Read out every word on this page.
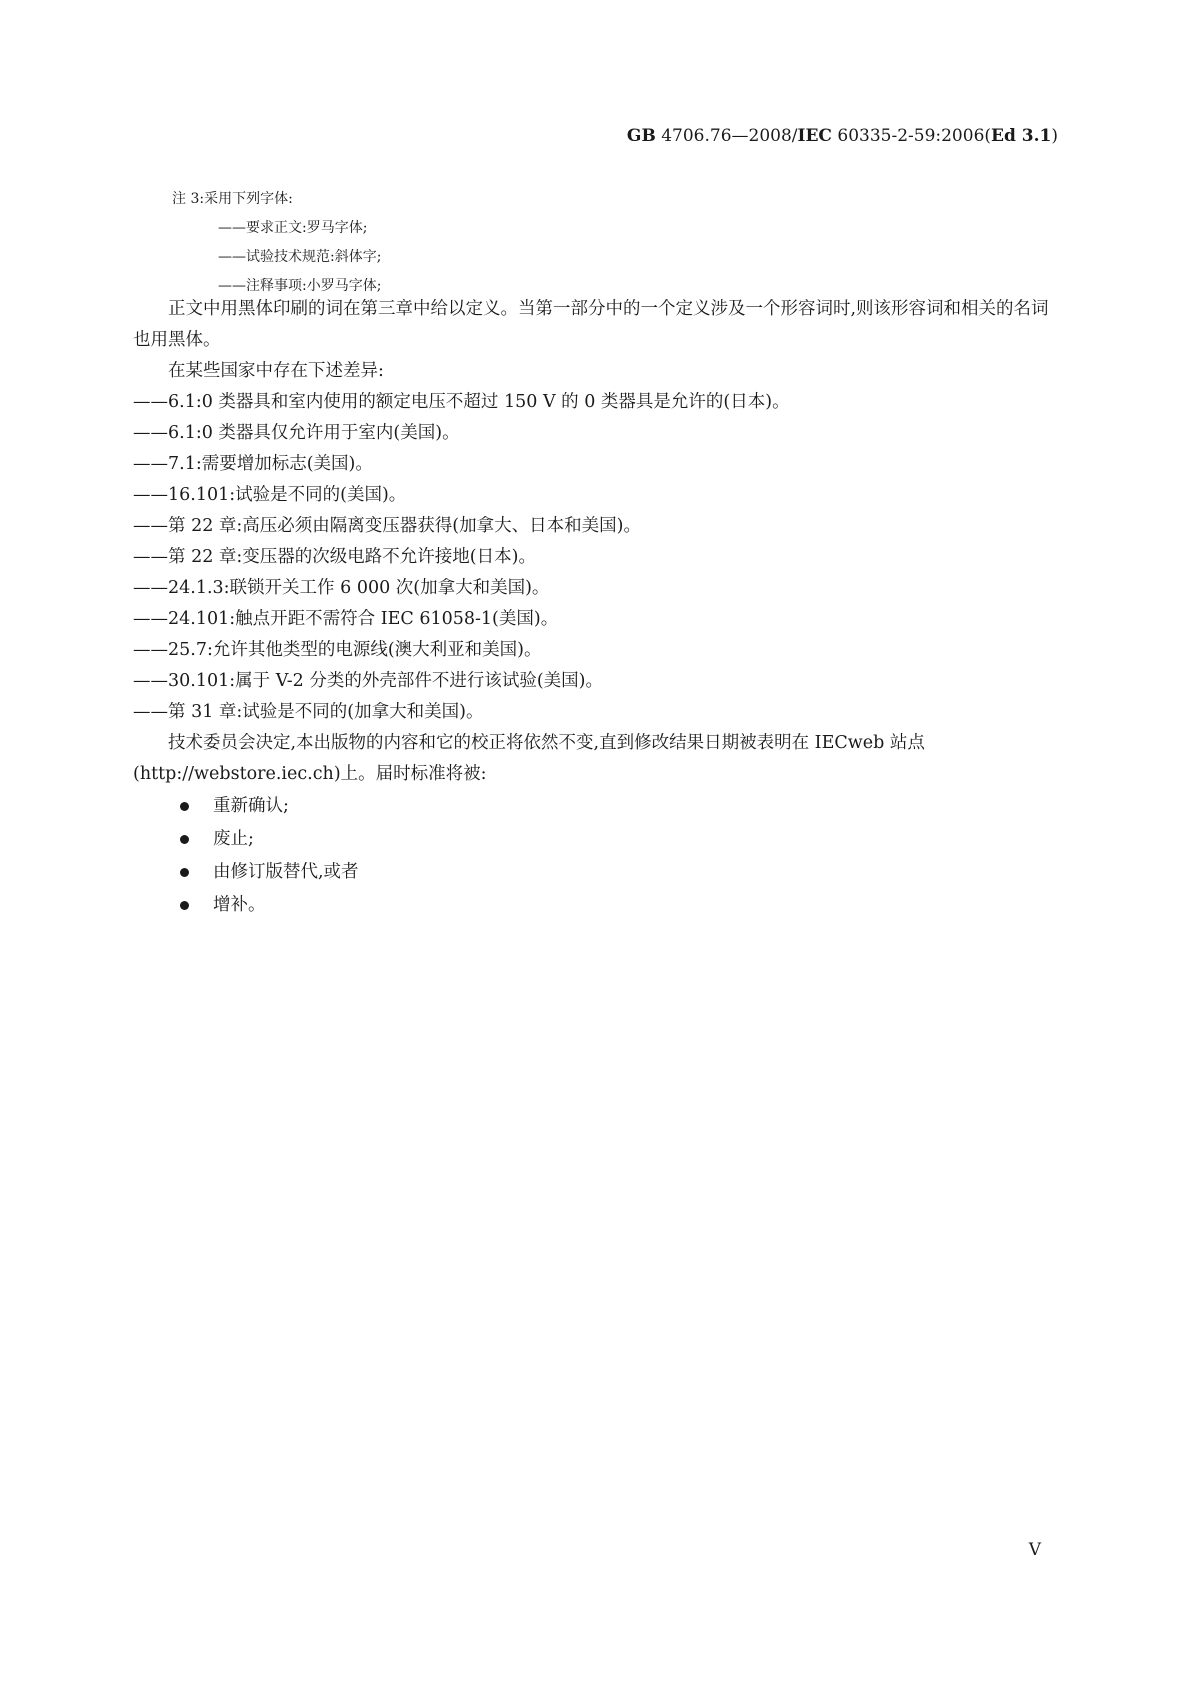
GB 4706.76—2008/IEC 60335-2-59:2006(Ed 3.1)
注 3:采用下列字体:
——要求正文:罗马字体;
——试验技术规范:斜体字;
——注释事项:小罗马字体;

正文中用黑体印刷的词在第三章中给以定义。当第一部分中的一个定义涉及一个形容词时,则该形容词和相关的名词也用黑体。

在某些国家中存在下述差异:

——6.1:0 类器具和室内使用的额定电压不超过 150 V 的 0 类器具是允许的(日本)。

——6.1:0 类器具仅允许用于室内(美国)。

——7.1:需要增加标志(美国)。

——16.101:试验是不同的(美国)。

——第 22 章:高压必须由隔离变压器获得(加拿大、日本和美国)。

——第 22 章:变压器的次级电路不允许接地(日本)。

——24.1.3:联锁开关工作 6 000 次(加拿大和美国)。

——24.101:触点开距不需符合 IEC 61058-1(美国)。

——25.7:允许其他类型的电源线(澳大利亚和美国)。

——30.101:属于 V-2 分类的外壳部件不进行该试验(美国)。

——第 31 章:试验是不同的(加拿大和美国)。

技术委员会决定,本出版物的内容和它的校正将依然不变,直到修改结果日期被表明在 IECweb 站点(http://webstore.iec.ch)上。届时标准将被:

重新确认;
废止;
由修订版替代,或者
增补。
V
